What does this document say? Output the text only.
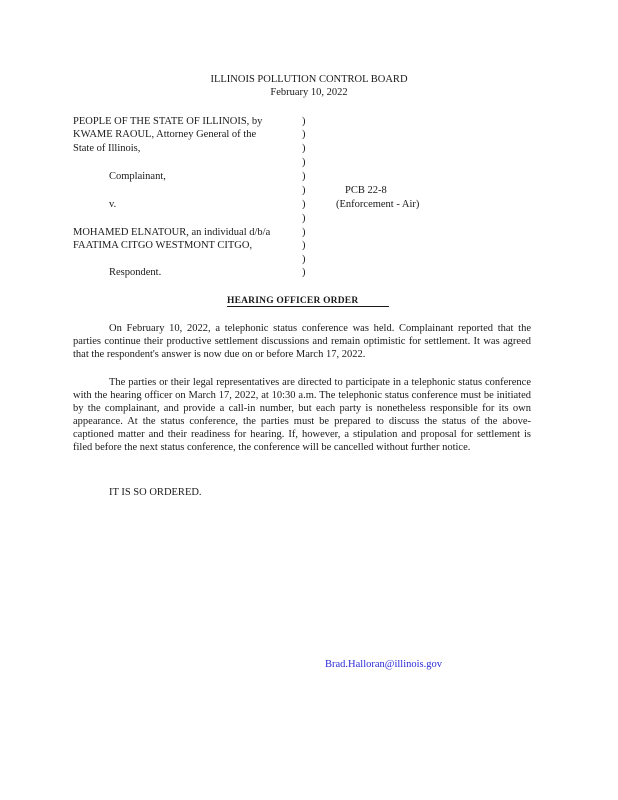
ILLINOIS POLLUTION CONTROL BOARD
February 10, 2022
PEOPLE OF THE STATE OF ILLINOIS, by
KWAME RAOUL, Attorney General of the
State of Illinois,
Complainant,
v.
MOHAMED ELNATOUR, an individual d/b/a
FAATIMA CITGO WESTMONT CITGO,
Respondent.
)
)
)
)
)
)
)
)
)
)
)
)
PCB 22-8
(Enforcement - Air)
HEARING OFFICER ORDER
On February 10, 2022, a telephonic status conference was held. Complainant reported that the parties continue their productive settlement discussions and remain optimistic for settlement. It was agreed that the respondent's answer is now due on or before March 17, 2022.
The parties or their legal representatives are directed to participate in a telephonic status conference with the hearing officer on March 17, 2022, at 10:30 a.m. The telephonic status conference must be initiated by the complainant, and provide a call-in number, but each party is nonetheless responsible for its own appearance. At the status conference, the parties must be prepared to discuss the status of the above-captioned matter and their readiness for hearing. If, however, a stipulation and proposal for settlement is filed before the next status conference, the conference will be cancelled without further notice.
IT IS SO ORDERED.
Brad.Halloran@illinois.gov
